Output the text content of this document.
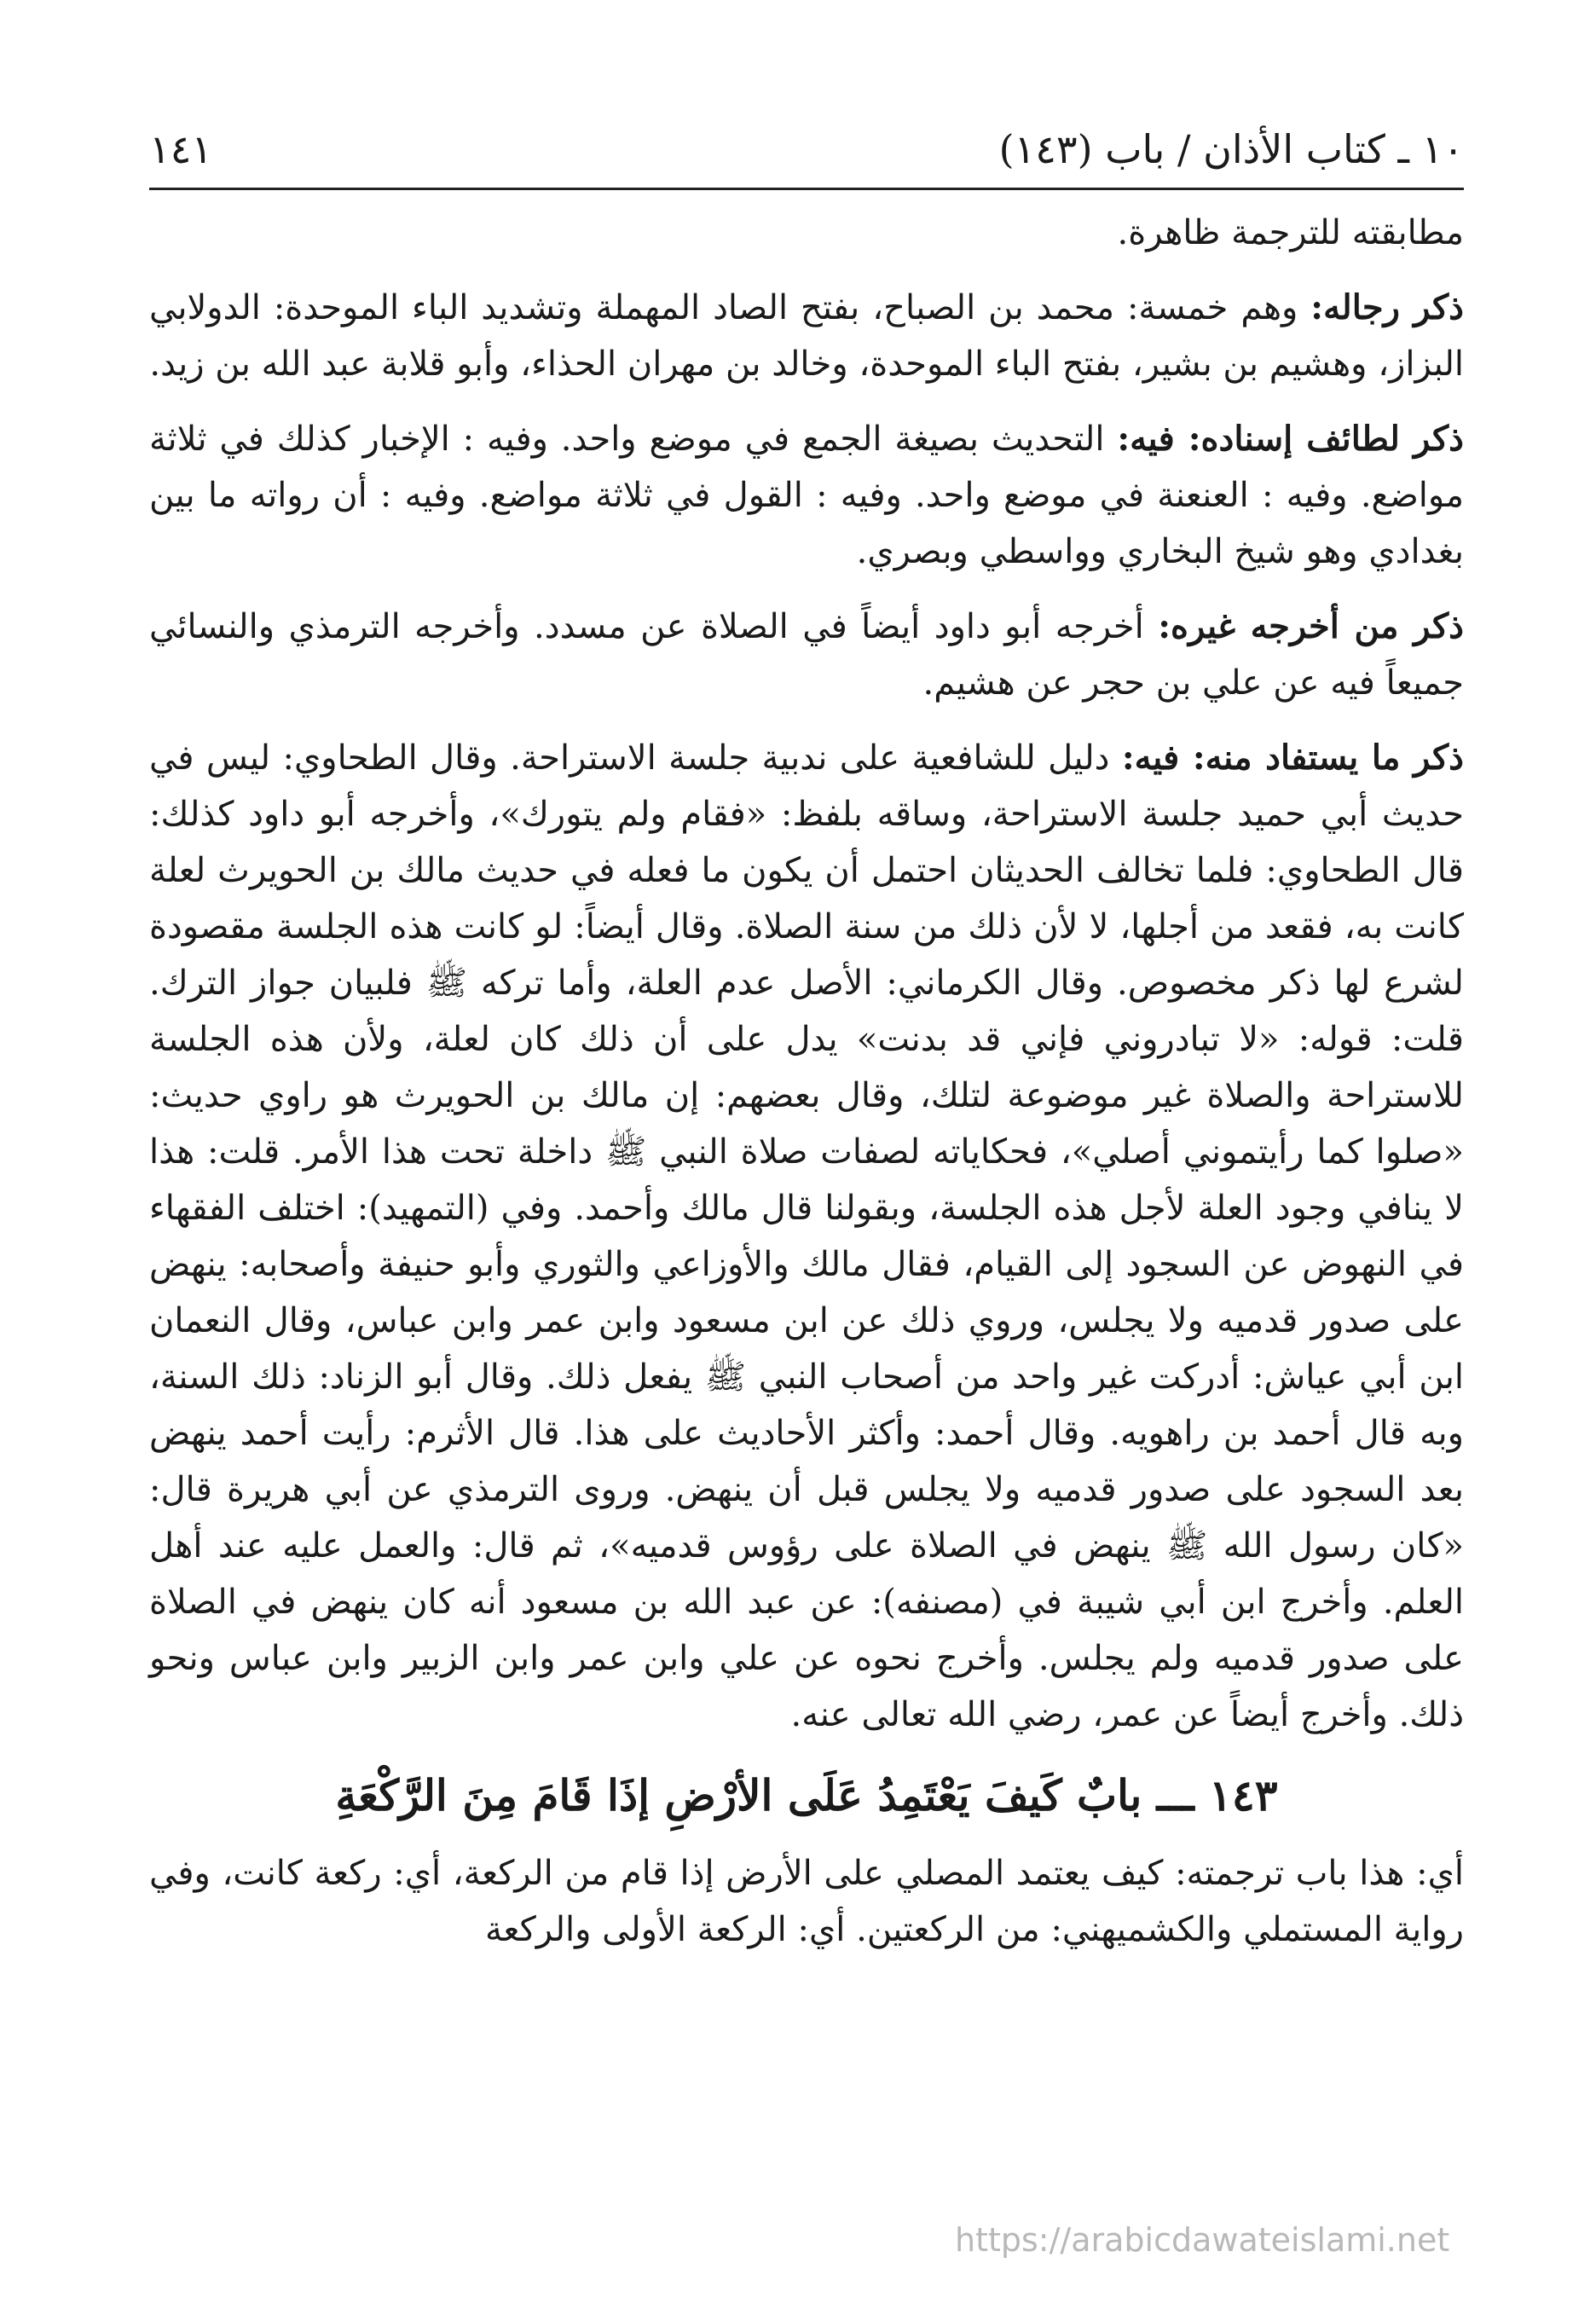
١٠ ـ كتاب الأذان / باب (١٤٣)
١٤١

مطابقته للترجمة ظاهرة.

ذكر رجاله: وهم خمسة: محمد بن الصباح، بفتح الصاد المهملة وتشديد الباء الموحدة: الدولابي البزاز، وهشيم بن بشير، بفتح الباء الموحدة، وخالد بن مهران الحذاء، وأبو قلابة عبد الله بن زيد.

ذكر لطائف إسناده: فيه: التحديث بصيغة الجمع في موضع واحد. وفيه : الإخبار كذلك في ثلاثة مواضع. وفيه : العنعنة في موضع واحد. وفيه : القول في ثلاثة مواضع. وفيه : أن رواته ما بين بغدادي وهو شيخ البخاري وواسطي وبصري.

ذكر من أخرجه غيره: أخرجه أبو داود أيضاً في الصلاة عن مسدد. وأخرجه الترمذي والنسائي جميعاً فيه عن علي بن حجر عن هشيم.

ذكر ما يستفاد منه: فيه: دليل للشافعية على ندبية جلسة الاستراحة. وقال الطحاوي: ليس في حديث أبي حميد جلسة الاستراحة، وساقه بلفظ: «فقام ولم يتورك»، وأخرجه أبو داود كذلك: قال الطحاوي: فلما تخالف الحديثان احتمل أن يكون ما فعله في حديث مالك بن الحويرث لعلة كانت به، فقعد من أجلها، لا لأن ذلك من سنة الصلاة. وقال أيضاً: لو كانت هذه الجلسة مقصودة لشرع لها ذكر مخصوص. وقال الكرماني: الأصل عدم العلة، وأما تركه ﷺ فلبيان جواز الترك. قلت: قوله: «لا تبادروني فإني قد بدنت» يدل على أن ذلك كان لعلة، ولأن هذه الجلسة للاستراحة والصلاة غير موضوعة لتلك، وقال بعضهم: إن مالك بن الحويرث هو راوي حديث: «صلوا كما رأيتموني أصلي»، فحكاياته لصفات صلاة النبي ﷺ داخلة تحت هذا الأمر. قلت: هذا لا ينافي وجود العلة لأجل هذه الجلسة، وبقولنا قال مالك وأحمد. وفي (التمهيد): اختلف الفقهاء في النهوض عن السجود إلى القيام، فقال مالك والأوزاعي والثوري وأبو حنيفة وأصحابه: ينهض على صدور قدميه ولا يجلس، وروي ذلك عن ابن مسعود وابن عمر وابن عباس، وقال النعمان ابن أبي عياش: أدركت غير واحد من أصحاب النبي ﷺ يفعل ذلك. وقال أبو الزناد: ذلك السنة، وبه قال أحمد بن راهويه. وقال أحمد: وأكثر الأحاديث على هذا. قال الأثرم: رأيت أحمد ينهض بعد السجود على صدور قدميه ولا يجلس قبل أن ينهض. وروى الترمذي عن أبي هريرة قال: «كان رسول الله ﷺ ينهض في الصلاة على رؤوس قدميه»، ثم قال: والعمل عليه عند أهل العلم. وأخرج ابن أبي شيبة في (مصنفه): عن عبد الله بن مسعود أنه كان ينهض في الصلاة على صدور قدميه ولم يجلس. وأخرج نحوه عن علي وابن عمر وابن الزبير وابن عباس ونحو ذلك. وأخرج أيضاً عن عمر، رضي الله تعالى عنه.

١٤٣ ـــ بابٌ كَيفَ يَعْتَمِدُ عَلَى الأرْضِ إذَا قَامَ مِنَ الرَّكْعَةِ

أي: هذا باب ترجمته: كيف يعتمد المصلي على الأرض إذا قام من الركعة، أي: ركعة كانت، وفي رواية المستملي والكشميهني: من الركعتين. أي: الركعة الأولى والركعة

https://arabicdawateislami.net
